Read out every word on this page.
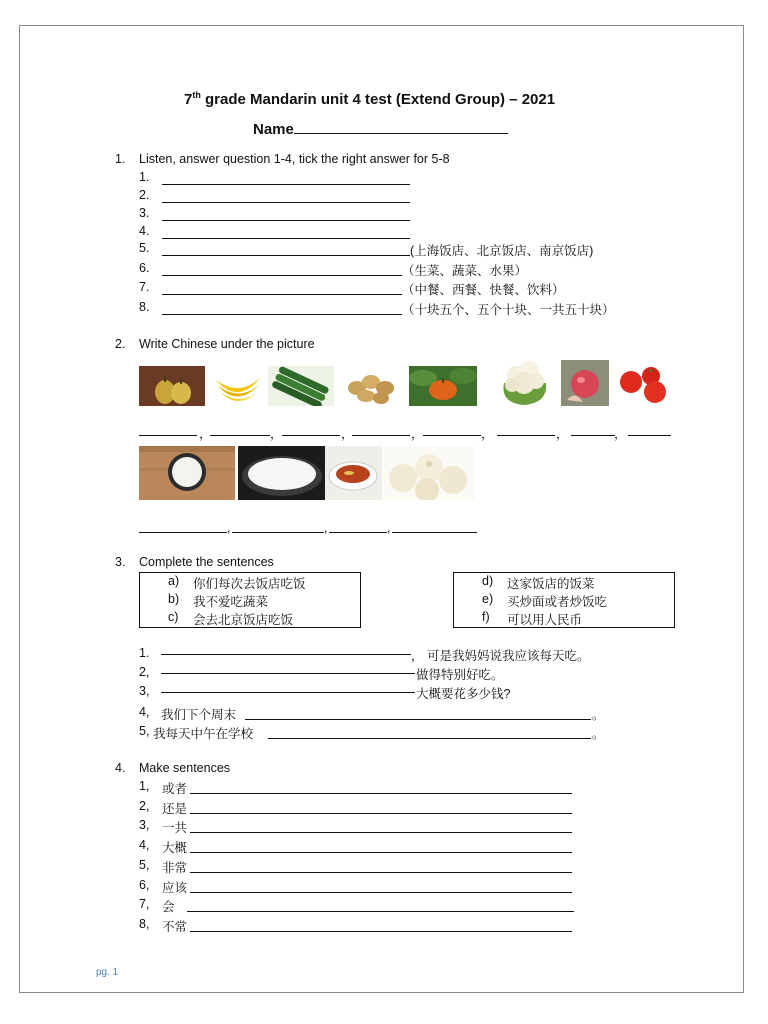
7th grade Mandarin unit 4 test (Extend Group) – 2021
Name
1. Listen, answer question 1-4, tick the right answer for 5-8
1.
2.
3.
4.
5.	(上海饭店、北京饭店、南京饭店)
6.	（生菜、蔬菜、水果）
7.	（中餐、西餐、快餐、饮料）
8.	（十块五个、五个十块、一共五十块）
2. Write Chinese under the picture
，	，	，	，	，	，	，
,	,	,
3. Complete the sentences
a) 你们每次去饭店吃饭
b) 我不爱吃蔬菜
c) 会去北京饭店吃饭
d) 这家饭店的饭菜
e) 买炒面或者炒饭吃
f) 可以用人民币
1.	， 可是我妈妈说我应该每天吃。
2,	做得特别好吃。
3,	大概要花多少钱?
4, 我们下个周末	。
5, 我每天中午在学校	。
4. Make sentences
1, 或者
2, 还是
3, 一共
4, 大概
5, 非常
6, 应该
7, 会
8, 不常
pg. 1
